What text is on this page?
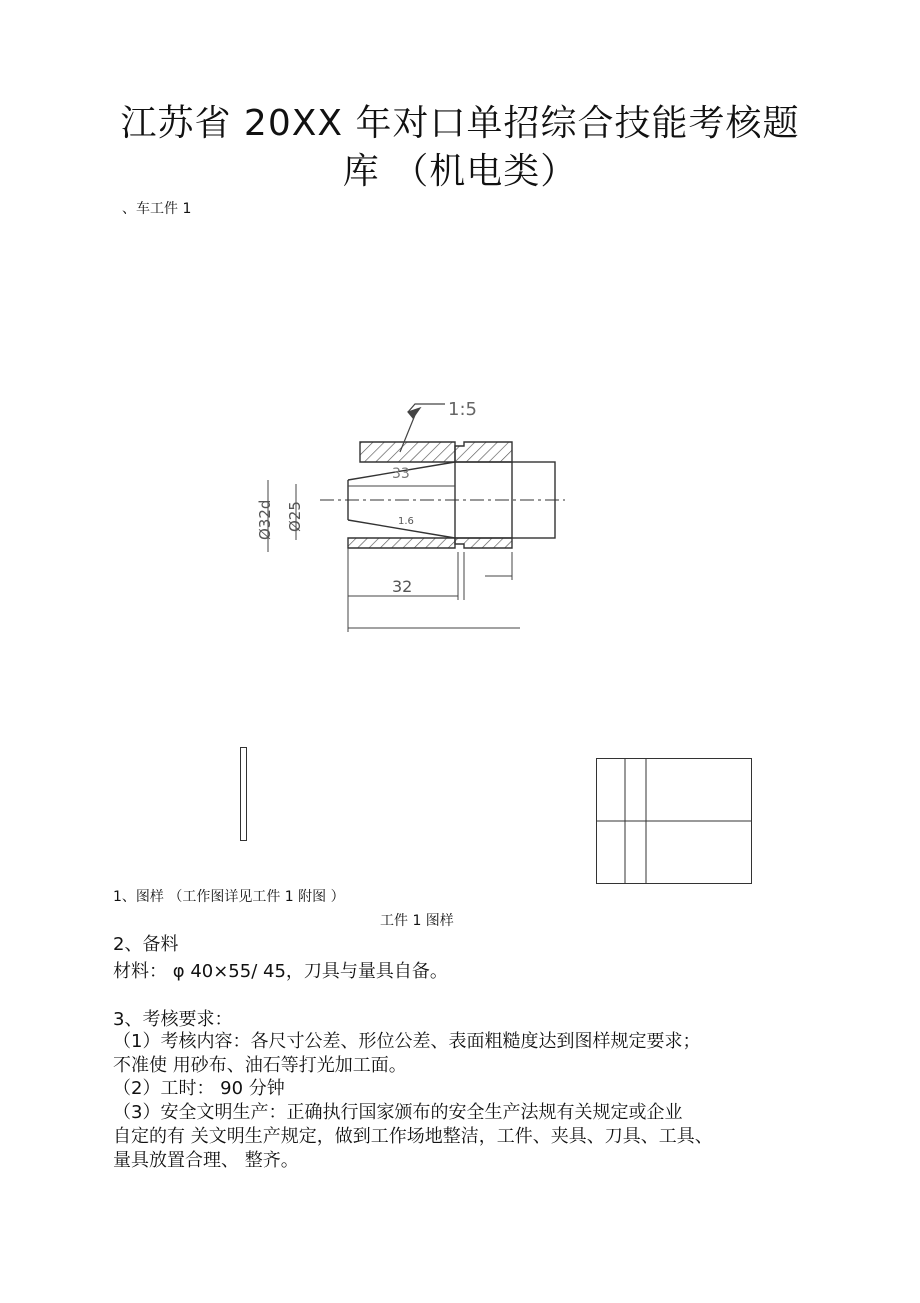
江苏省 20XX 年对口单招综合技能考核题
库 （机电类）
、车工件 1
1:5
Ø32d Ø25
33
32
1.6
1、图样 （工作图详见工件 1 附图 ）
工件 1 图样
2、备料
材料： φ 40×55/ 45，刀具与量具自备。
3、考核要求：
（1）考核内容：各尺寸公差、形位公差、表面粗糙度达到图样规定要求；
不准使 用砂布、油石等打光加工面。
（2）工时： 90 分钟
（3）安全文明生产：正确执行国家颁布的安全生产法规有关规定或企业
自定的有 关文明生产规定，做到工作场地整洁，工件、夹具、刀具、工具、
量具放置合理、 整齐。
